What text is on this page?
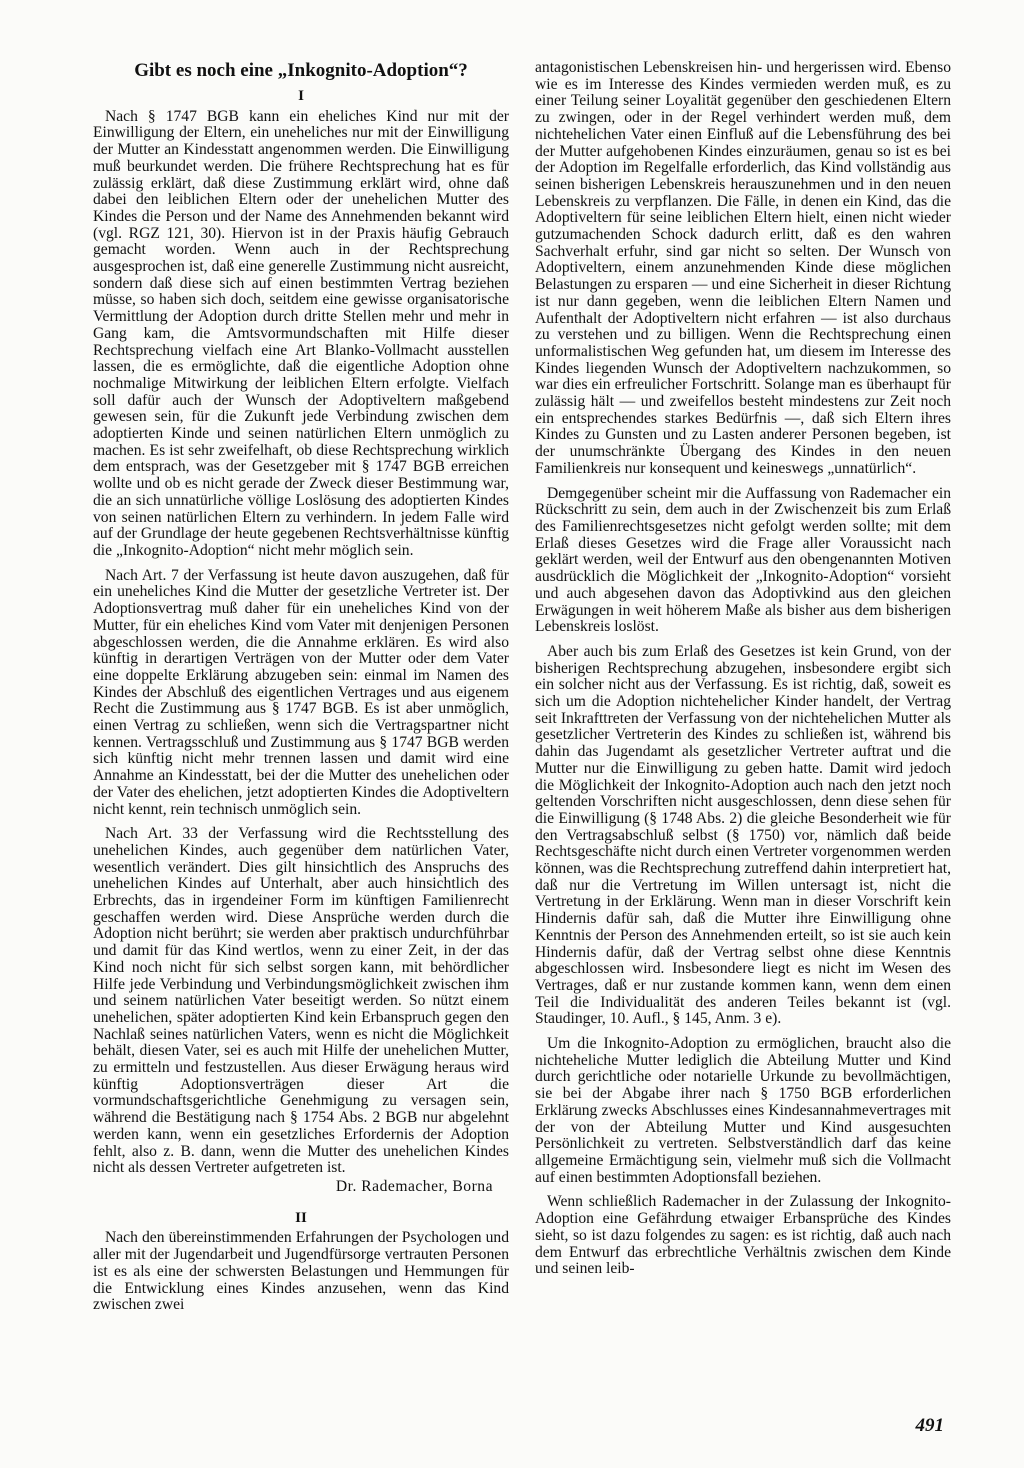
Gibt es noch eine „Inkognito-Adoption“?
I

Nach § 1747 BGB kann ein eheliches Kind nur mit der Einwilligung der Eltern, ein uneheliches nur mit der Einwilligung der Mutter an Kindesstatt angenommen werden. Die Einwilligung muß beurkundet werden. Die frühere Rechtsprechung hat es für zulässig erklärt, daß diese Zustimmung erklärt wird, ohne daß dabei den leiblichen Eltern oder der unehelichen Mutter des Kindes die Person und der Name des Annehmenden bekannt wird (vgl. RGZ 121, 30). Hiervon ist in der Praxis häufig Gebrauch gemacht worden. Wenn auch in der Rechtsprechung ausgesprochen ist, daß eine generelle Zustimmung nicht ausreicht, sondern daß diese sich auf einen bestimmten Vertrag beziehen müsse, so haben sich doch, seitdem eine gewisse organisatorische Vermittlung der Adoption durch dritte Stellen mehr und mehr in Gang kam, die Amtsvormundschaften mit Hilfe dieser Rechtsprechung vielfach eine Art Blanko-Vollmacht ausstellen lassen, die es ermöglichte, daß die eigentliche Adoption ohne nochmalige Mitwirkung der leiblichen Eltern erfolgte. Vielfach soll dafür auch der Wunsch der Adoptiveltern maßgebend gewesen sein, für die Zukunft jede Verbindung zwischen dem adoptierten Kinde und seinen natürlichen Eltern unmöglich zu machen. Es ist sehr zweifelhaft, ob diese Rechtsprechung wirklich dem entsprach, was der Gesetzgeber mit § 1747 BGB erreichen wollte und ob es nicht gerade der Zweck dieser Bestimmung war, die an sich unnatürliche völlige Loslösung des adoptierten Kindes von seinen natürlichen Eltern zu verhindern. In jedem Falle wird auf der Grundlage der heute gegebenen Rechtsverhältnisse künftig die „Inkognito-Adoption“ nicht mehr möglich sein.

Nach Art. 7 der Verfassung ist heute davon auszugehen, daß für ein uneheliches Kind die Mutter der gesetzliche Vertreter ist. Der Adoptionsvertrag muß daher für ein uneheliches Kind von der Mutter, für ein eheliches Kind vom Vater mit denjenigen Personen abgeschlossen werden, die die Annahme erklären. Es wird also künftig in derartigen Verträgen von der Mutter oder dem Vater eine doppelte Erklärung abzugeben sein: einmal im Namen des Kindes der Abschluß des eigentlichen Vertrages und aus eigenem Recht die Zustimmung aus § 1747 BGB. Es ist aber unmöglich, einen Vertrag zu schließen, wenn sich die Vertragspartner nicht kennen. Vertragsschluß und Zustimmung aus § 1747 BGB werden sich künftig nicht mehr trennen lassen und damit wird eine Annahme an Kindesstatt, bei der die Mutter des unehelichen oder der Vater des ehelichen, jetzt adoptierten Kindes die Adoptiveltern nicht kennt, rein technisch unmöglich sein.

Nach Art. 33 der Verfassung wird die Rechtsstellung des unehelichen Kindes, auch gegenüber dem natürlichen Vater, wesentlich verändert. Dies gilt hinsichtlich des Anspruchs des unehelichen Kindes auf Unterhalt, aber auch hinsichtlich des Erbrechts, das in irgendeiner Form im künftigen Familienrecht geschaffen werden wird. Diese Ansprüche werden durch die Adoption nicht berührt; sie werden aber praktisch undurchführbar und damit für das Kind wertlos, wenn zu einer Zeit, in der das Kind noch nicht für sich selbst sorgen kann, mit behördlicher Hilfe jede Verbindung und Verbindungsmöglichkeit zwischen ihm und seinem natürlichen Vater beseitigt werden. So nützt einem unehelichen, später adoptierten Kind kein Erbanspruch gegen den Nachlaß seines natürlichen Vaters, wenn es nicht die Möglichkeit behält, diesen Vater, sei es auch mit Hilfe der unehelichen Mutter, zu ermitteln und festzustellen. Aus dieser Erwägung heraus wird künftig Adoptionsverträgen dieser Art die vormundschaftsgerichtliche Genehmigung zu versagen sein, während die Bestätigung nach § 1754 Abs. 2 BGB nur abgelehnt werden kann, wenn ein gesetzliches Erfordernis der Adoption fehlt, also z. B. dann, wenn die Mutter des unehelichen Kindes nicht als dessen Vertreter aufgetreten ist.

Dr. Rademacher, Borna
II

Nach den übereinstimmenden Erfahrungen der Psychologen und aller mit der Jugendarbeit und Jugendfürsorge vertrauten Personen ist es als eine der schwersten Belastungen und Hemmungen für die Entwicklung eines Kindes anzusehen, wenn das Kind zwischen zwei

antagonistischen Lebenskreisen hin- und hergerissen wird. Ebenso wie es im Interesse des Kindes vermieden werden muß, es zu einer Teilung seiner Loyalität gegenüber den geschiedenen Eltern zu zwingen, oder in der Regel verhindert werden muß, dem nichtehelichen Vater einen Einfluß auf die Lebensführung des bei der Mutter aufgehobenen Kindes einzuräumen, genau so ist es bei der Adoption im Regelfalle erforderlich, das Kind vollständig aus seinen bisherigen Lebenskreis herauszunehmen und in den neuen Lebenskreis zu verpflanzen. Die Fälle, in denen ein Kind, das die Adoptiveltern für seine leiblichen Eltern hielt, einen nicht wieder gutzumachenden Schock dadurch erlitt, daß es den wahren Sachverhalt erfuhr, sind gar nicht so selten. Der Wunsch von Adoptiveltern, einem anzunehmenden Kinde diese möglichen Belastungen zu ersparen — und eine Sicherheit in dieser Richtung ist nur dann gegeben, wenn die leiblichen Eltern Namen und Aufenthalt der Adoptiveltern nicht erfahren — ist also durchaus zu verstehen und zu billigen. Wenn die Rechtsprechung einen unformalistischen Weg gefunden hat, um diesem im Interesse des Kindes liegenden Wunsch der Adoptiveltern nachzukommen, so war dies ein erfreulicher Fortschritt. Solange man es überhaupt für zulässig hält — und zweifellos besteht mindestens zur Zeit noch ein entsprechendes starkes Bedürfnis —, daß sich Eltern ihres Kindes zu Gunsten und zu Lasten anderer Personen begeben, ist der unumschränkte Übergang des Kindes in den neuen Familienkreis nur konsequent und keineswegs „unnatürlich“.

Demgegenüber scheint mir die Auffassung von Rademacher ein Rückschritt zu sein, dem auch in der Zwischenzeit bis zum Erlaß des Familienrechtsgesetzes nicht gefolgt werden sollte; mit dem Erlaß dieses Gesetzes wird die Frage aller Voraussicht nach geklärt werden, weil der Entwurf aus den obengenannten Motiven ausdrücklich die Möglichkeit der „Inkognito-Adoption“ vorsieht und auch abgesehen davon das Adoptivkind aus den gleichen Erwägungen in weit höherem Maße als bisher aus dem bisherigen Lebenskreis loslöst.

Aber auch bis zum Erlaß des Gesetzes ist kein Grund, von der bisherigen Rechtsprechung abzugehen, insbesondere ergibt sich ein solcher nicht aus der Verfassung. Es ist richtig, daß, soweit es sich um die Adoption nichtehelicher Kinder handelt, der Vertrag seit Inkrafttreten der Verfassung von der nichtehelichen Mutter als gesetzlicher Vertreterin des Kindes zu schließen ist, während bis dahin das Jugendamt als gesetzlicher Vertreter auftrat und die Mutter nur die Einwilligung zu geben hatte. Damit wird jedoch die Möglichkeit der Inkognito-Adoption auch nach den jetzt noch geltenden Vorschriften nicht ausgeschlossen, denn diese sehen für die Einwilligung (§ 1748 Abs. 2) die gleiche Besonderheit wie für den Vertragsabschluß selbst (§ 1750) vor, nämlich daß beide Rechtsgeschäfte nicht durch einen Vertreter vorgenommen werden können, was die Rechtsprechung zutreffend dahin interpretiert hat, daß nur die Vertretung im Willen untersagt ist, nicht die Vertretung in der Erklärung. Wenn man in dieser Vorschrift kein Hindernis dafür sah, daß die Mutter ihre Einwilligung ohne Kenntnis der Person des Annehmenden erteilt, so ist sie auch kein Hindernis dafür, daß der Vertrag selbst ohne diese Kenntnis abgeschlossen wird. Insbesondere liegt es nicht im Wesen des Vertrages, daß er nur zustande kommen kann, wenn dem einen Teil die Individualität des anderen Teiles bekannt ist (vgl. Staudinger, 10. Aufl., § 145, Anm. 3 e).

Um die Inkognito-Adoption zu ermöglichen, braucht also die nichteheliche Mutter lediglich die Abteilung Mutter und Kind durch gerichtliche oder notarielle Urkunde zu bevollmächtigen, sie bei der Abgabe ihrer nach § 1750 BGB erforderlichen Erklärung zwecks Abschlusses eines Kindesannahmevertrages mit der von der Abteilung Mutter und Kind ausgesuchten Persönlichkeit zu vertreten. Selbstverständlich darf das keine allgemeine Ermächtigung sein, vielmehr muß sich die Vollmacht auf einen bestimmten Adoptionsfall beziehen.

Wenn schließlich Rademacher in der Zulassung der Inkognito-Adoption eine Gefährdung etwaiger Erbansprüche des Kindes sieht, so ist dazu folgendes zu sagen: es ist richtig, daß auch nach dem Entwurf das erbrechtliche Verhältnis zwischen dem Kinde und seinen leib-

491
